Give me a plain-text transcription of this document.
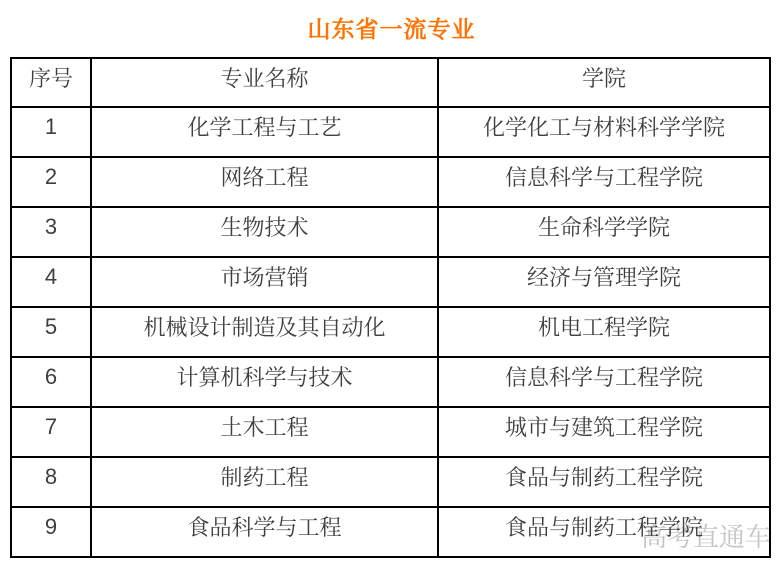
山东省一流专业
高考直通车
序号	专业名称	学院
1	化学工程与工艺	化学化工与材料科学学院
2	网络工程	信息科学与工程学院
3	生物技术	生命科学学院
4	市场营销	经济与管理学院
5	机械设计制造及其自动化	机电工程学院
6	计算机科学与技术	信息科学与工程学院
7	土木工程	城市与建筑工程学院
8	制药工程	食品与制药工程学院
9	食品科学与工程	食品与制药工程学院
